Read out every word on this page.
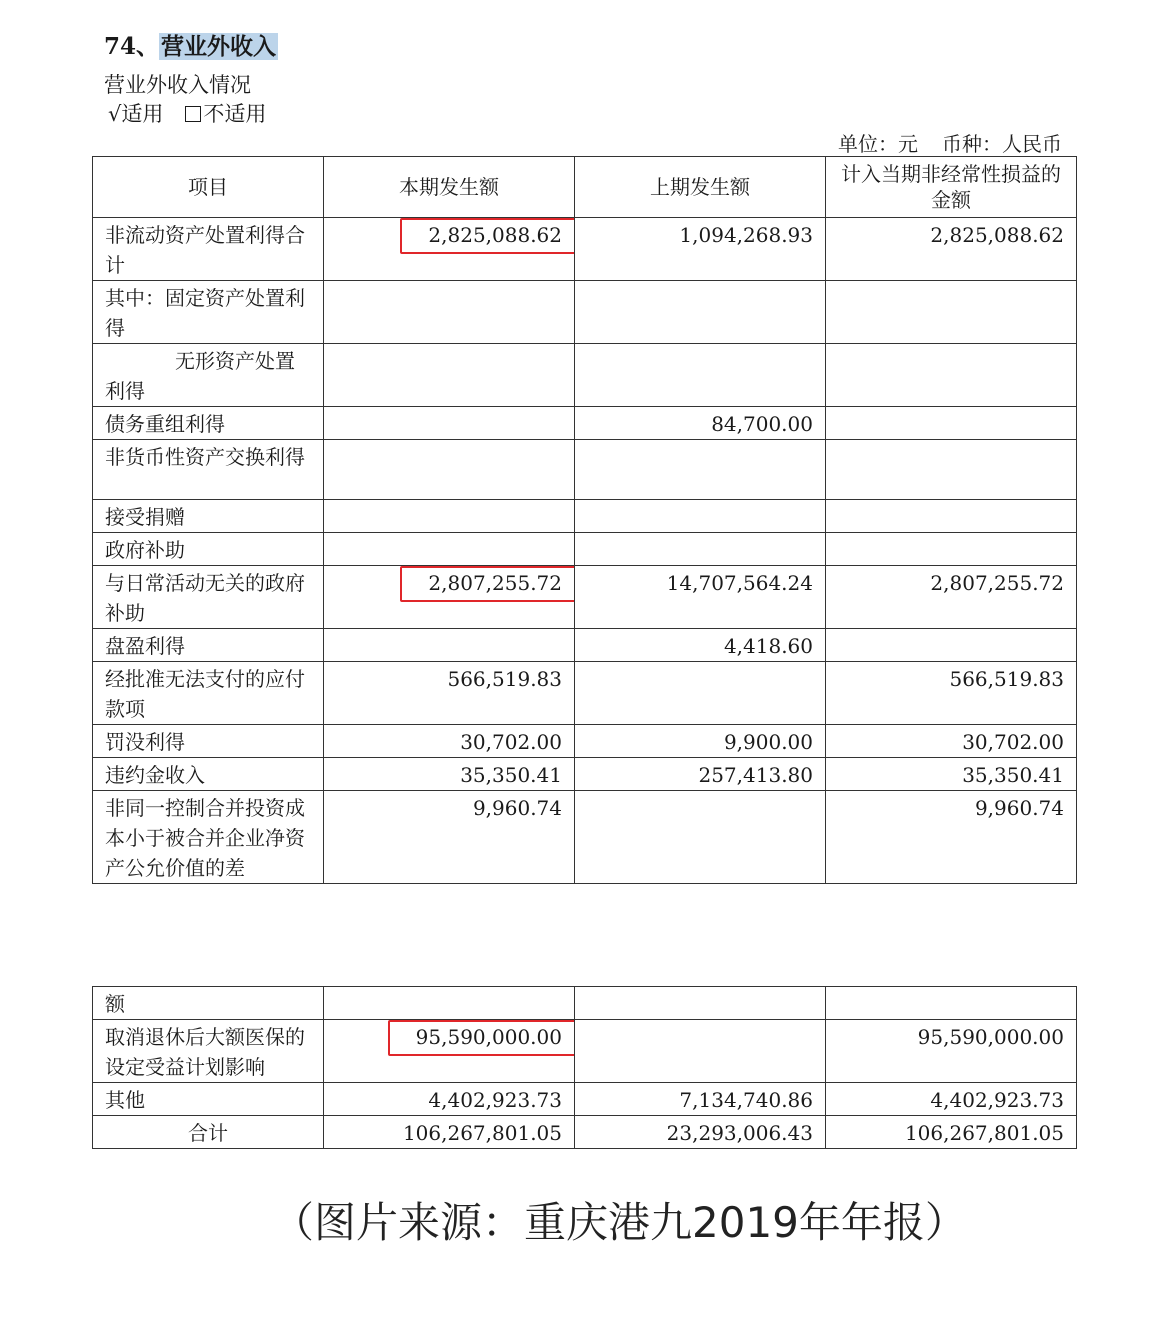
74、营业外收入
营业外收入情况
√适用 不适用
单位：元 币种：人民币
项目	本期发生额	上期发生额	计入当期非经常性损益的金额
非流动资产处置利得合计	2,825,088.62	1,094,268.93	2,825,088.62
其中：固定资产处置利得			
无形资产处置利得			
债务重组利得		84,700.00	
非货币性资产交换利得			
接受捐赠			
政府补助			
与日常活动无关的政府补助	2,807,255.72	14,707,564.24	2,807,255.72
盘盈利得		4,418.60	
经批准无法支付的应付款项	566,519.83		566,519.83
罚没利得	30,702.00	9,900.00	30,702.00
违约金收入	35,350.41	257,413.80	35,350.41
非同一控制合并投资成本小于被合并企业净资产公允价值的差	9,960.74		9,960.74
额			
取消退休后大额医保的设定受益计划影响	95,590,000.00		95,590,000.00
其他	4,402,923.73	7,134,740.86	4,402,923.73
合计	106,267,801.05	23,293,006.43	106,267,801.05
（图片来源：重庆港九2019年年报）
